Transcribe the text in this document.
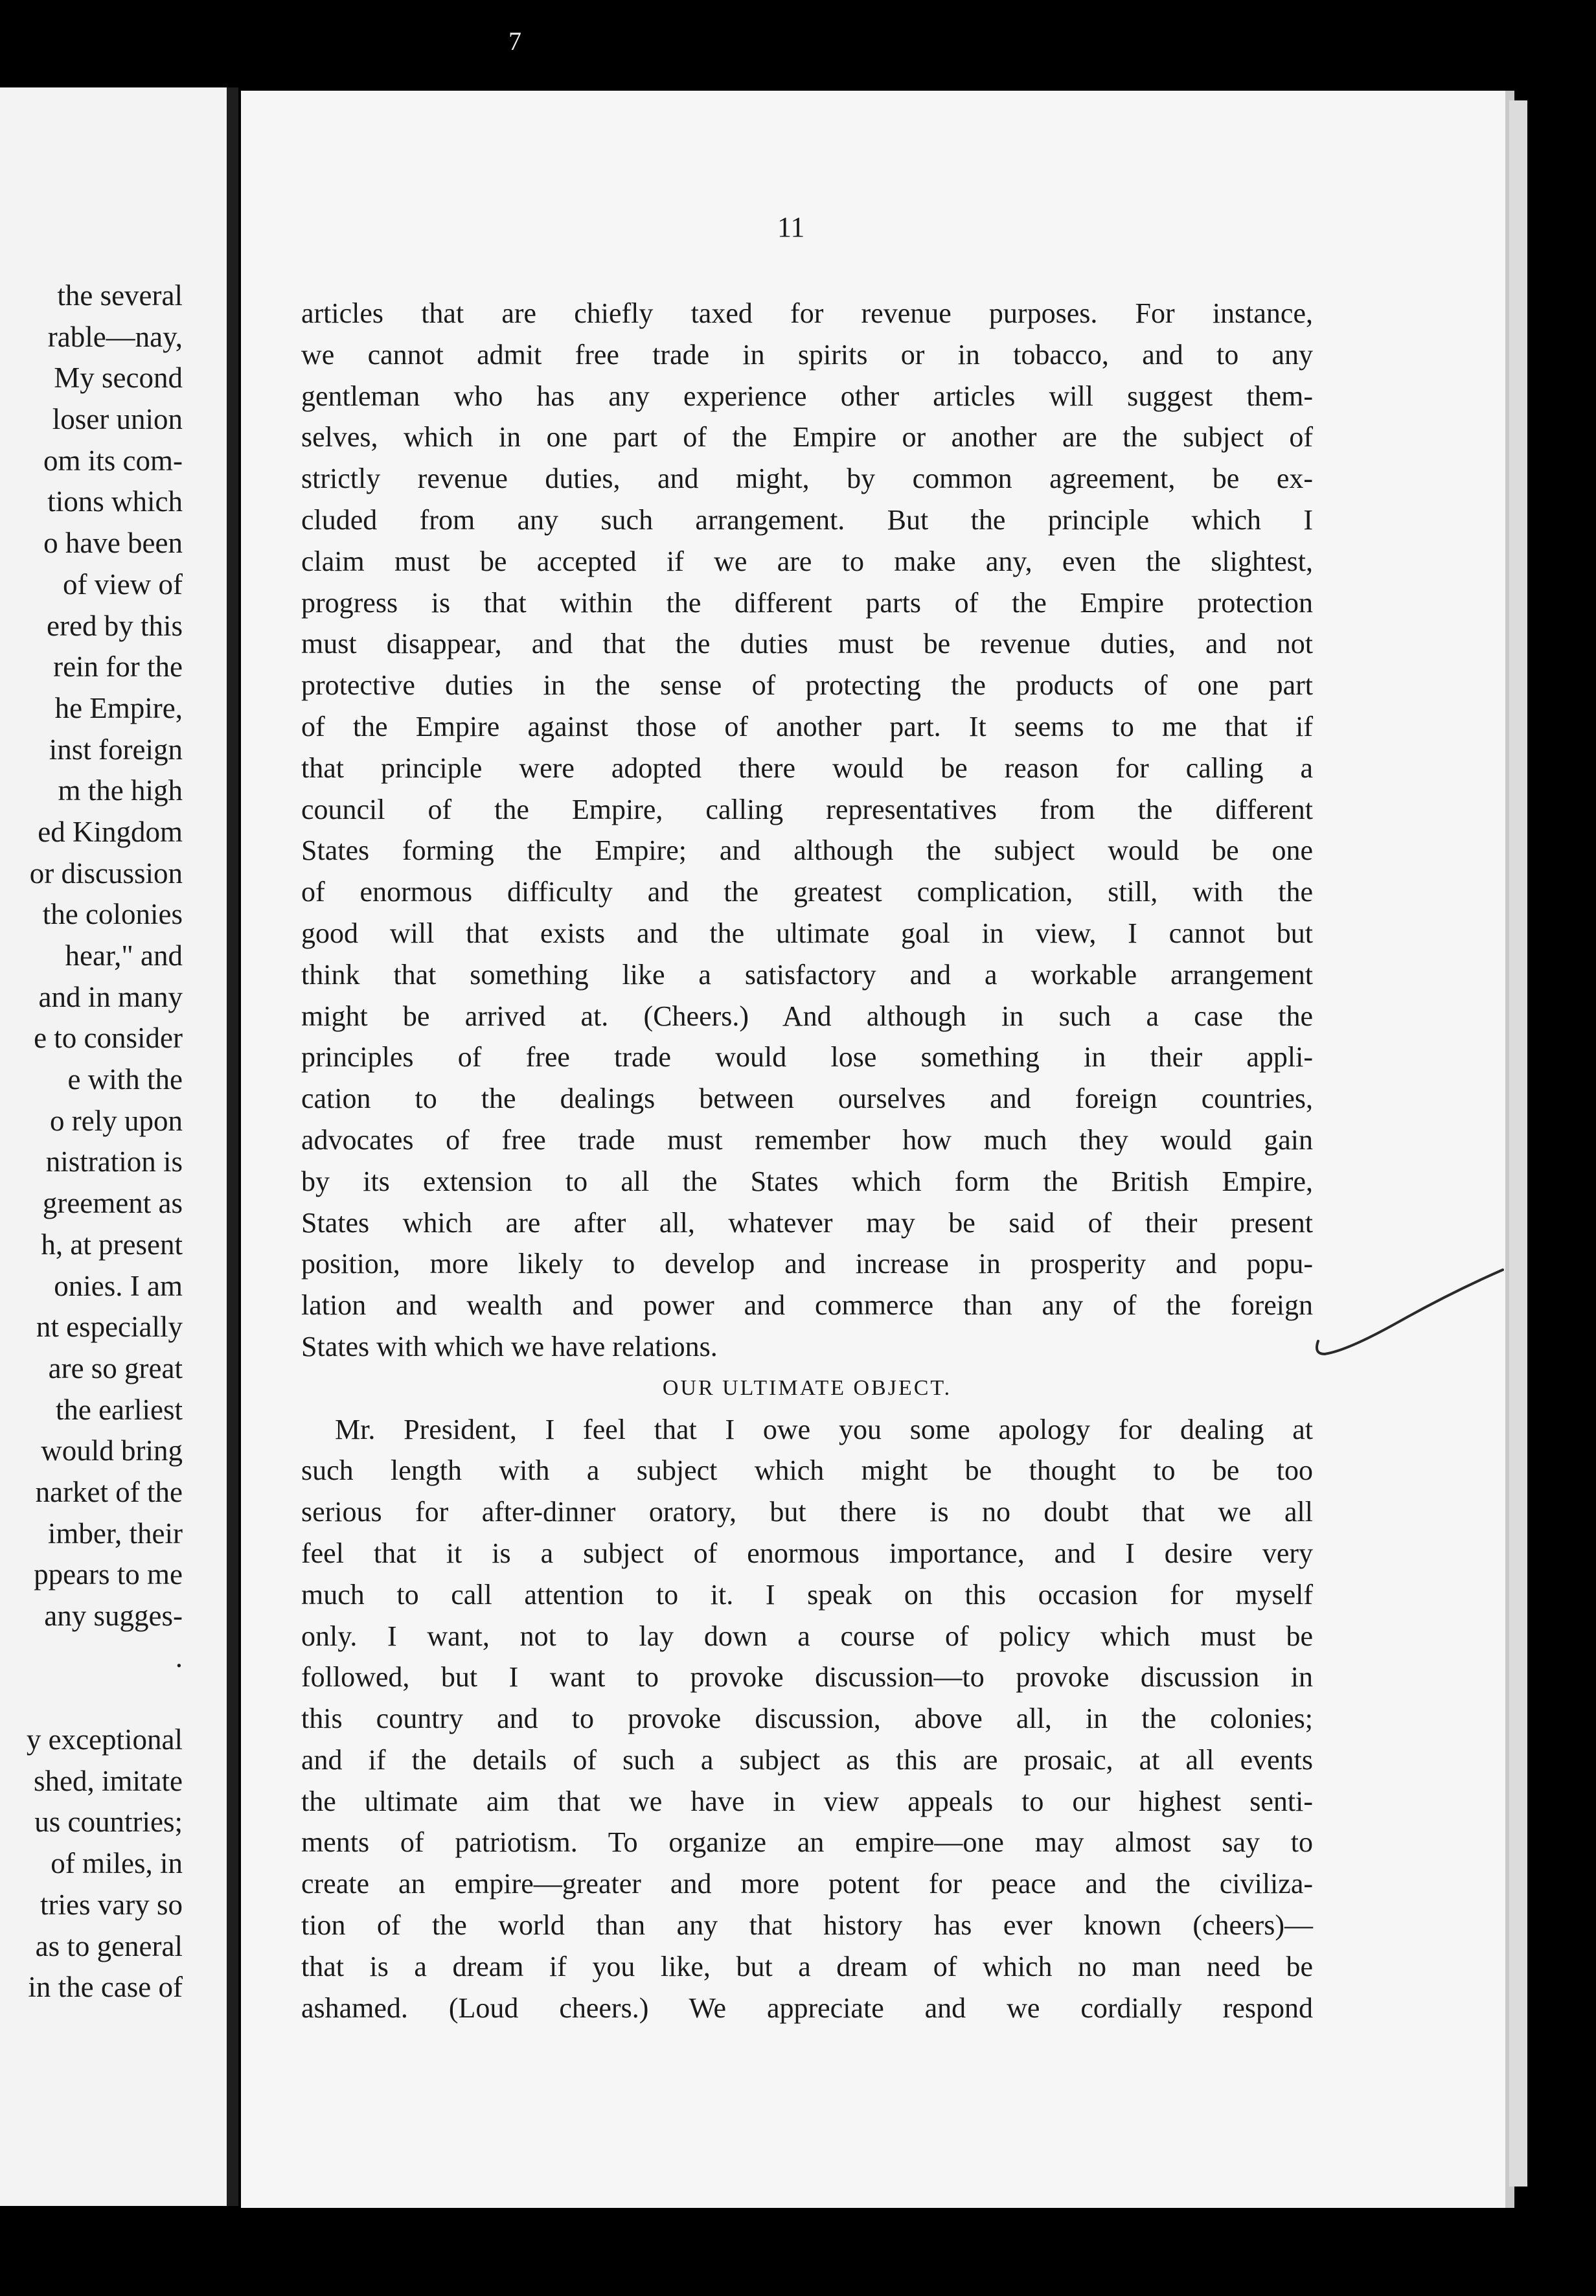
7
the several
rable—nay,
My second
loser union
om its com-
tions which
o have been
of view of
ered by this
rein for the
he Empire,
inst foreign
m the high
ed Kingdom
or discussion
the colonies
hear," and
and in many
e to consider
e with the
o rely upon
nistration is
greement as
h, at present
onies. I am
nt especially
are so great
the earliest
would bring
narket of the
imber, their
ppears to me
any sugges-
.
y exceptional
shed, imitate
us countries;
of miles, in
tries vary so
as to general
in the case of
11
articles that are chiefly taxed for revenue purposes. For instance,
we cannot admit free trade in spirits or in tobacco, and to any
gentleman who has any experience other articles will suggest them-
selves, which in one part of the Empire or another are the subject of
strictly revenue duties, and might, by common agreement, be ex-
cluded from any such arrangement. But the principle which I
claim must be accepted if we are to make any, even the slightest,
progress is that within the different parts of the Empire protection
must disappear, and that the duties must be revenue duties, and not
protective duties in the sense of protecting the products of one part
of the Empire against those of another part. It seems to me that if
that principle were adopted there would be reason for calling a
council of the Empire, calling representatives from the different
States forming the Empire; and although the subject would be one
of enormous difficulty and the greatest complication, still, with the
good will that exists and the ultimate goal in view, I cannot but
think that something like a satisfactory and a workable arrangement
might be arrived at. (Cheers.) And although in such a case the
principles of free trade would lose something in their appli-
cation to the dealings between ourselves and foreign countries,
advocates of free trade must remember how much they would gain
by its extension to all the States which form the British Empire,
States which are after all, whatever may be said of their present
position, more likely to develop and increase in prosperity and popu-
lation and wealth and power and commerce than any of the foreign
States with which we have relations.
OUR ULTIMATE OBJECT.
Mr. President, I feel that I owe you some apology for dealing at
such length with a subject which might be thought to be too
serious for after-dinner oratory, but there is no doubt that we all
feel that it is a subject of enormous importance, and I desire very
much to call attention to it. I speak on this occasion for myself
only. I want, not to lay down a course of policy which must be
followed, but I want to provoke discussion—to provoke discussion in
this country and to provoke discussion, above all, in the colonies;
and if the details of such a subject as this are prosaic, at all events
the ultimate aim that we have in view appeals to our highest senti-
ments of patriotism. To organize an empire—one may almost say to
create an empire—greater and more potent for peace and the civiliza-
tion of the world than any that history has ever known (cheers)—
that is a dream if you like, but a dream of which no man need be
ashamed. (Loud cheers.) We appreciate and we cordially respond
